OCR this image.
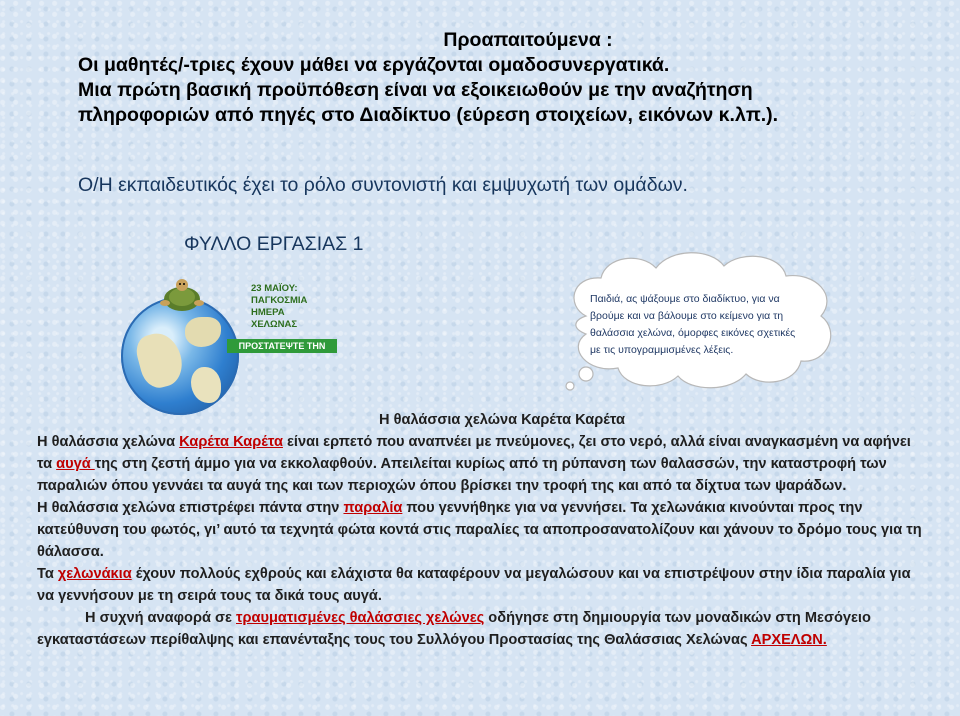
Προαπαιτούμενα :
Οι μαθητές/-τριες έχουν μάθει να εργάζονται ομαδοσυνεργατικά.
Μια πρώτη βασική προϋπόθεση είναι να εξοικειωθούν με την αναζήτηση
πληροφοριών από πηγές στο Διαδίκτυο (εύρεση στοιχείων, εικόνων κ.λπ.).
Ο/Η εκπαιδευτικός έχει το ρόλο συντονιστή και εμψυχωτή των ομάδων.
ΦΥΛΛΟ ΕΡΓΑΣΙΑΣ 1
23 ΜΑΪΟΥ:
ΠΑΓΚΟΣΜΙΑ
ΗΜΕΡΑ
ΧΕΛΩΝΑΣ
ΠΡΟΣΤΑΤΕΨΤΕ ΤΗΝ
Παιδιά, ας ψάξουμε στο διαδίκτυο, για να
βρούμε και να βάλουμε στο κείμενο για τη
θαλάσσια χελώνα, όμορφες εικόνες σχετικές
με τις υπογραμμισμένες λέξεις.
Η θαλάσσια χελώνα Καρέτα Καρέτα

Η θαλάσσια χελώνα Καρέτα Καρέτα είναι ερπετό που αναπνέει με πνεύμονες, ζει στο νερό, αλλά είναι αναγκασμένη να αφήνει τα αυγά της στη ζεστή άμμο για να εκκολαφθούν. Απειλείται κυρίως από τη ρύπανση των θαλασσών, την καταστροφή των παραλιών όπου γεννάει τα αυγά της και των περιοχών όπου βρίσκει την τροφή της και από τα δίχτυα των ψαράδων.

Η θαλάσσια χελώνα επιστρέφει πάντα στην παραλία που γεννήθηκε για να γεννήσει. Τα χελωνάκια κινούνται προς την κατεύθυνση του φωτός, γι’ αυτό τα τεχνητά φώτα κοντά στις παραλίες τα αποπροσανατολίζουν και χάνουν το δρόμο τους για τη θάλασσα.

Τα χελωνάκια έχουν πολλούς εχθρούς και ελάχιστα θα καταφέρουν να μεγαλώσουν και να επιστρέψουν στην ίδια παραλία για να γεννήσουν με τη σειρά τους τα δικά τους αυγά.

Η συχνή αναφορά σε τραυματισμένες θαλάσσιες χελώνες οδήγησε στη δημιουργία των μοναδικών στη Μεσόγειο εγκαταστάσεων περίθαλψης και επανένταξης τους του Συλλόγου Προστασίας της Θαλάσσιας Χελώνας ΑΡΧΕΛΩΝ.
